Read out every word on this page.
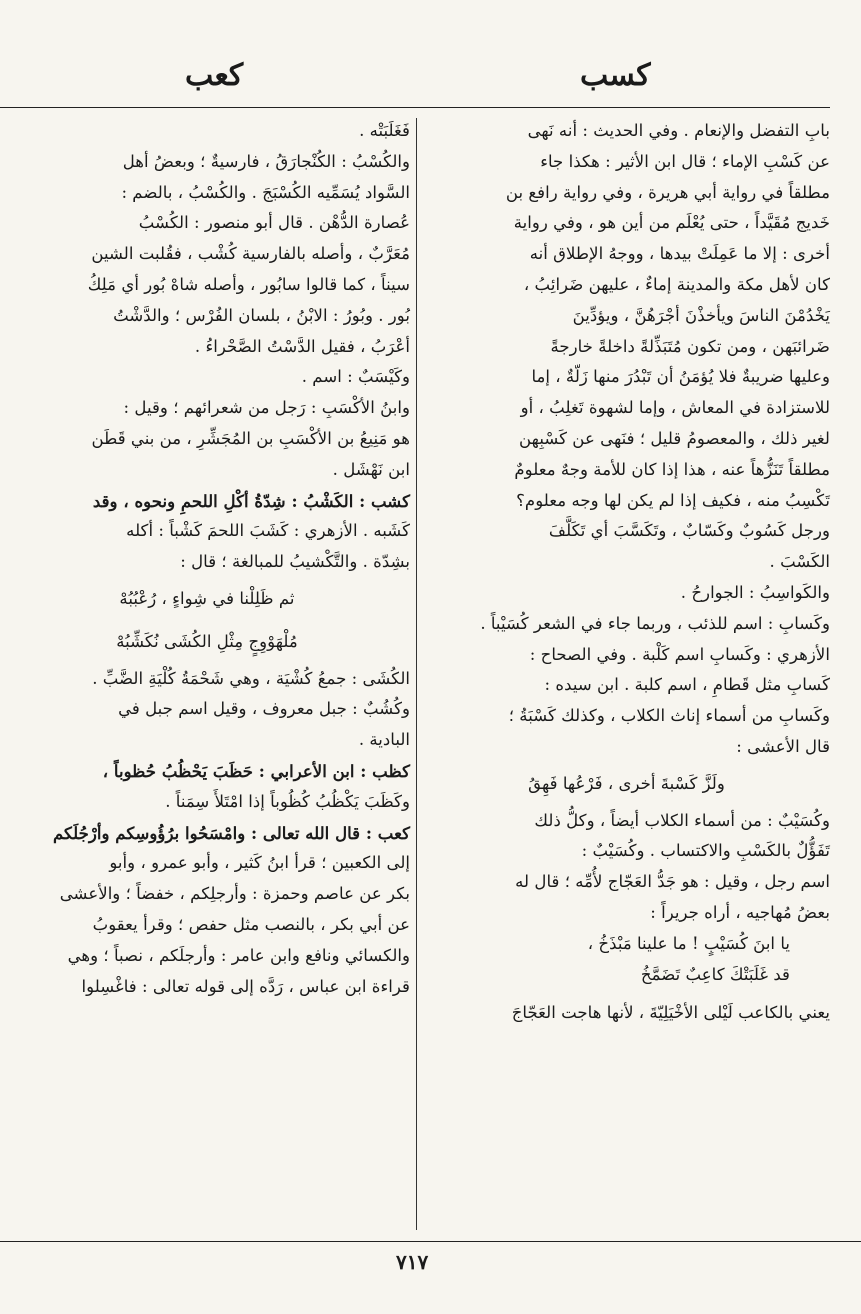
كسب
كعب

بابِ التفضل والإنعام . وفي الحديث : أنه نَهى

عن كَسْبِ الإماء ؛ قال ابن الأثير : هكذا جاء

مطلقاً في رواية أبي هريرة ، وفي رواية رافع بن

خَديج مُقَيَّداً ، حتى يُعْلَم من أين هو ، وفي رواية

أخرى : إلا ما عَمِلَتْ بيدها ، ووجهُ الإطلاق أنه

كان لأهل مكة والمدينة إماءٌ ، عليهن ضَرائِبُ ،

يَخْدُمْنَ الناسَ ويأخذْنَ أجْرَهُنَّ ، ويؤدِّينَ

ضَرائبَهن ، ومن تكون مُتَبَذِّلةً داخلةً خارجةً

وعليها ضريبةٌ فلا يُؤمَنُ أن تَبْدُرَ منها زَلّةٌ ، إما

للاستزادة في المعاش ، وإما لشهوة تَغلِبُ ، أو

لغير ذلك ، والمعصومُ قليل ؛ فنَهى عن كَسْبِهن

مطلقاً تَنَزُّهاً عنه ، هذا إذا كان للأمة وجهٌ معلومٌ

تَكْسِبُ منه ، فكيف إذا لم يكن لها وجه معلوم؟

ورجل كَسُوبٌ وكَسّابٌ ، وتَكَسَّبَ أي تَكَلَّفَ

الكَسْبَ .

والكَواسِبُ : الجوارحُ .

وكَسابِ : اسم للذئب ، وربما جاء في الشعر كُسَيْباً .

الأزهري : وكَسابِ اسم كَلْبة . وفي الصحاح :

كَسابِ مثل قَطامِ ، اسم كلبة . ابن سيده :

وكَسابِ من أسماء إناث الكلاب ، وكذلك كَسْبَةُ ؛

قال الأعشى :

ولَزَّ كَسْبةَ أخرى ، فَرْعُها فَهِقُ

وكُسَيْبٌ : من أسماء الكلاب أيضاً ، وكلُّ ذلك

تَفَؤُّلٌ بالكَسْبِ والاكتساب . وكُسَيْبٌ :

اسم رجل ، وقيل : هو جَدُّ العَجّاج لأُمِّه ؛ قال له

بعضُ مُهاجيه ، أراه جريراً :

يا ابنَ كُسَيْبٍ ! ما علينا مَبْذَخُ ،

قد غَلَبَتْكَ كاعِبٌ تَضَمَّخُ

يعني بالكاعب لَيْلى الأخْيَلِيّةَ ، لأنها هاجت العَجّاجَ

فَغَلَبَتْه .

والكُسْبُ : الكُنْجارَقُ ، فارسيةٌ ؛ وبعضُ أهل

السَّواد يُسَمِّيه الكُسْبَجَ . والكُسْبُ ، بالضم :

عُصارة الدُّهْن . قال أبو منصور : الكُسْبُ

مُعَرَّبٌ ، وأصله بالفارسية كُشْب ، فقُلبت الشين

سيناً ، كما قالوا سابُور ، وأصله شاهْ بُور أي مَلِكُ

بُور . وبُورُ : الابْنُ ، بلسان الفُرْس ؛ والدَّشْتُ

أعْرَبُ ، فقيل الدَّسْتُ الصَّحْراءُ .

وكَيْسَبٌ : اسم .

وابنُ الأكْسَبِ : رَجل من شعرائهم ؛ وقيل :

هو مَنِيعُ بن الأكْسَبِ بن المُجَشِّرِ ، من بني قَطَن

ابن نَهْشَل .

كشب : الكَشْبُ : شِدّةُ أكْلِ اللحمِ ونحوه ، وقد

كَشَبه . الأزهري : كَشَبَ اللحمَ كَشْباً : أكله

بشِدّة . والتَّكْشيبُ للمبالغة ؛ قال :

ثم ظَلِلْنا في شِواءٍ ، رُعْبُبُهْ

مُلْهَوْوِجٍ مِثْلِ الكُشَى نُكَشِّبُهْ

الكُشَى : جمعُ كُشْيَة ، وهي شَحْمَةُ كُلْيَةِ الضَّبِّ .

وكُشُبٌ : جبل معروف ، وقيل اسم جبل في

البادية .

كظب : ابن الأعرابي : حَظَبَ يَحْظُبُ حُظوباً ،

وكَظَبَ يَكْظُبُ كُظُوباً إذا امْتَلأَ سِمَناً .

كعب : قال الله تعالى : وامْسَحُوا برُؤُوسِكم وأرْجُلَكم

إلى الكعبين ؛ قرأ ابنُ كَثير ، وأبو عمرو ، وأبو

بكر عن عاصم وحمزة : وأرجلِكم ، خفضاً ؛ والأعشى

عن أبي بكر ، بالنصب مثل حفص ؛ وقرأ يعقوبُ

والكسائي ونافع وابن عامر : وأرجلَكم ، نصباً ؛ وهي

قراءة ابن عباس ، رَدَّه إلى قوله تعالى : فاغْسِلوا

٧١٧
